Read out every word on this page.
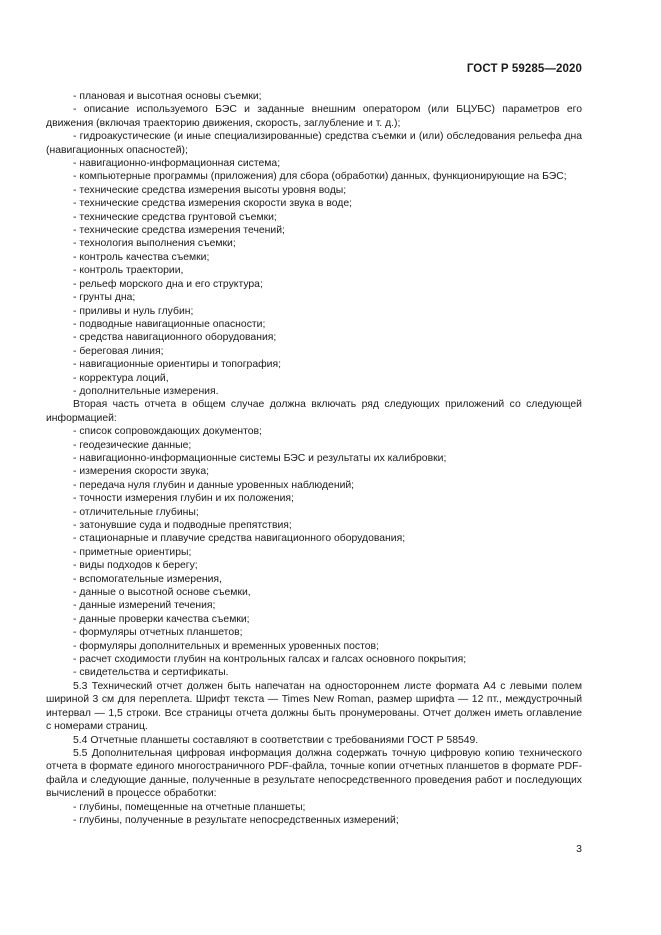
ГОСТ Р 59285—2020

- плановая и высотная основы съемки;

- описание используемого БЭС и заданные внешним оператором (или БЦУБС) параметров его движения (включая траекторию движения, скорость, заглубление и т. д.);

- гидроакустические (и иные специализированные) средства съемки и (или) обследования рельефа дна (навигационных опасностей);

- навигационно-информационная система;

- компьютерные программы (приложения) для сбора (обработки) данных, функционирующие на БЭС;

- технические средства измерения высоты уровня воды;

- технические средства измерения скорости звука в воде;

- технические средства грунтовой съемки;

- технические средства измерения течений;

- технология выполнения съемки;

- контроль качества съемки;

- контроль траектории,

- рельеф морского дна и его структура;

- грунты дна;

- приливы и нуль глубин;

- подводные навигационные опасности;

- средства навигационного оборудования;

- береговая линия;

- навигационные ориентиры и топография;

- корректура лоций,

- дополнительные измерения.

Вторая часть отчета в общем случае должна включать ряд следующих приложений со следующей информацией:

- список сопровождающих документов;

- геодезические данные;

- навигационно-информационные системы БЭС и результаты их калибровки;

- измерения скорости звука;

- передача нуля глубин и данные уровенных наблюдений;

- точности измерения глубин и их положения;

- отличительные глубины;

- затонувшие суда и подводные препятствия;

- стационарные и плавучие средства навигационного оборудования;

- приметные ориентиры;

- виды подходов к берегу;

- вспомогательные измерения,

- данные о высотной основе съемки,

- данные измерений течения;

- данные проверки качества съемки;

- формуляры отчетных планшетов;

- формуляры дополнительных и временных уровенных постов;

- расчет сходимости глубин на контрольных галсах и галсах основного покрытия;

- свидетельства и сертификаты.

5.3 Технический отчет должен быть напечатан на одностороннем листе формата А4 с левыми полем шириной 3 см для переплета. Шрифт текста — Times New Roman, размер шрифта — 12 пт., междустрочный интервал — 1,5 строки. Все страницы отчета должны быть пронумерованы. Отчет должен иметь оглавление с номерами страниц.

5.4 Отчетные планшеты составляют в соответствии с требованиями ГОСТ Р 58549.

5.5 Дополнительная цифровая информация должна содержать точную цифровую копию технического отчета в формате единого многостраничного PDF-файла, точные копии отчетных планшетов в формате PDF-файла и следующие данные, полученные в результате непосредственного проведения работ и последующих вычислений в процессе обработки:

- глубины, помещенные на отчетные планшеты;

- глубины, полученные в результате непосредственных измерений;

3
